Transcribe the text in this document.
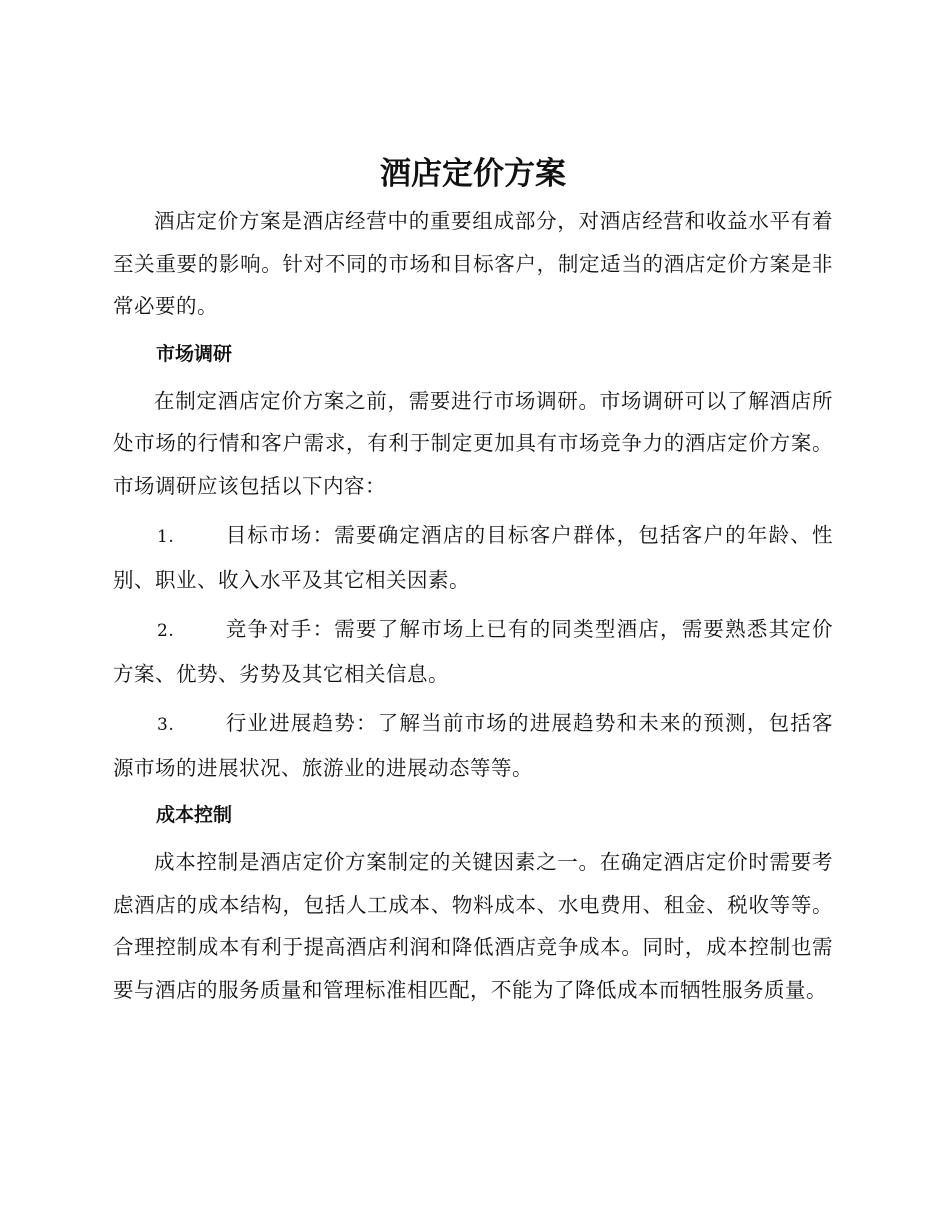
酒店定价方案

酒店定价方案是酒店经营中的重要组成部分，对酒店经营和收益水平有着至关重要的影响。针对不同的市场和目标客户，制定适当的酒店定价方案是非常必要的。

市场调研

在制定酒店定价方案之前，需要进行市场调研。市场调研可以了解酒店所处市场的行情和客户需求，有利于制定更加具有市场竞争力的酒店定价方案。市场调研应该包括以下内容：

1. 目标市场：需要确定酒店的目标客户群体，包括客户的年龄、性别、职业、收入水平及其它相关因素。

2. 竞争对手：需要了解市场上已有的同类型酒店，需要熟悉其定价方案、优势、劣势及其它相关信息。

3. 行业进展趋势：了解当前市场的进展趋势和未来的预测，包括客源市场的进展状况、旅游业的进展动态等等。

成本控制

成本控制是酒店定价方案制定的关键因素之一。在确定酒店定价时需要考虑酒店的成本结构，包括人工成本、物料成本、水电费用、租金、税收等等。合理控制成本有利于提高酒店利润和降低酒店竞争成本。同时，成本控制也需要与酒店的服务质量和管理标准相匹配，不能为了降低成本而牺牲服务质量。
